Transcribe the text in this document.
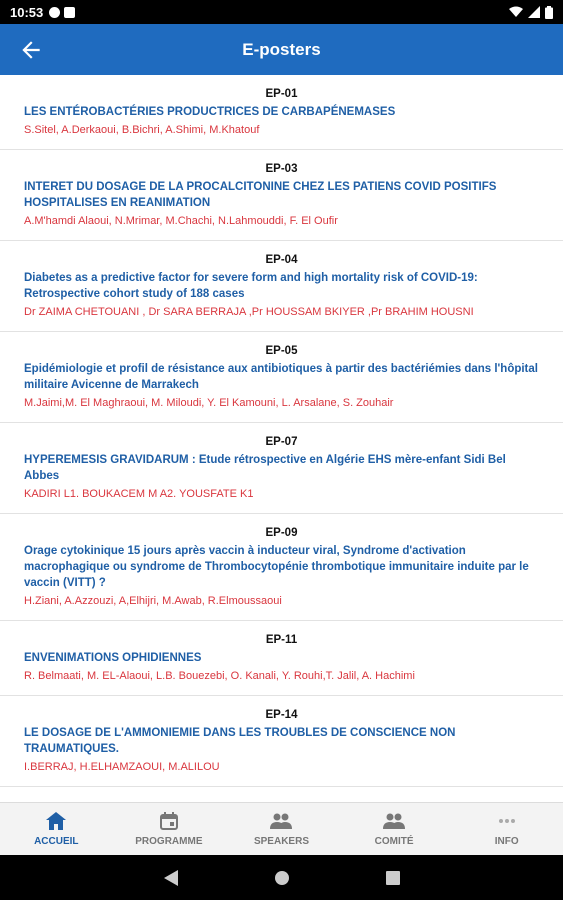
10:53
E-posters
EP-01
LES ENTÉROBACTÉRIES PRODUCTRICES DE CARBAPÉNEMASES
S.Sitel, A.Derkaoui, B.Bichri, A.Shimi, M.Khatouf
EP-03
INTERET DU DOSAGE DE LA PROCALCITONINE CHEZ LES PATIENS COVID POSITIFS HOSPITALISES EN REANIMATION
A.M'hamdi Alaoui, N.Mrimar, M.Chachi, N.Lahmouddi, F. El Oufir
EP-04
Diabetes as a predictive factor for severe form and high mortality risk of COVID-19: Retrospective cohort study of 188 cases
Dr ZAIMA CHETOUANI , Dr SARA BERRAJA ,Pr HOUSSAM BKIYER ,Pr BRAHIM HOUSNI
EP-05
Epidémiologie et profil de résistance aux antibiotiques à partir des bactériémies dans l'hôpital militaire Avicenne de Marrakech
M.Jaimi,M. El Maghraoui, M. Miloudi, Y. El Kamouni, L. Arsalane, S. Zouhair
EP-07
HYPEREMESIS GRAVIDARUM : Etude rétrospective en Algérie EHS mère-enfant Sidi Bel Abbes
KADIRI L1. BOUKACEM M A2. YOUSFATE K1
EP-09
Orage cytokinique 15 jours après vaccin à inducteur viral, Syndrome d'activation macrophagique ou syndrome de Thrombocytopénie thrombotique immunitaire induite par le vaccin (VITT) ?
H.Ziani, A.Azzouzi, A,Elhijri, M.Awab, R.Elmoussaoui
EP-11
ENVENIMATIONS OPHIDIENNES
R. Belmaati, M. EL-Alaoui, L.B. Bouezebi, O. Kanali, Y. Rouhi,T. Jalil, A. Hachimi
EP-14
LE DOSAGE DE L'AMMONIEMIE DANS LES TROUBLES DE CONSCIENCE NON TRAUMATIQUES.
I.BERRAJ, H.ELHAMZAOUI, M.ALILOU
ACCUEIL	PROGRAMME	SPEAKERS	COMITÉ	INFO
